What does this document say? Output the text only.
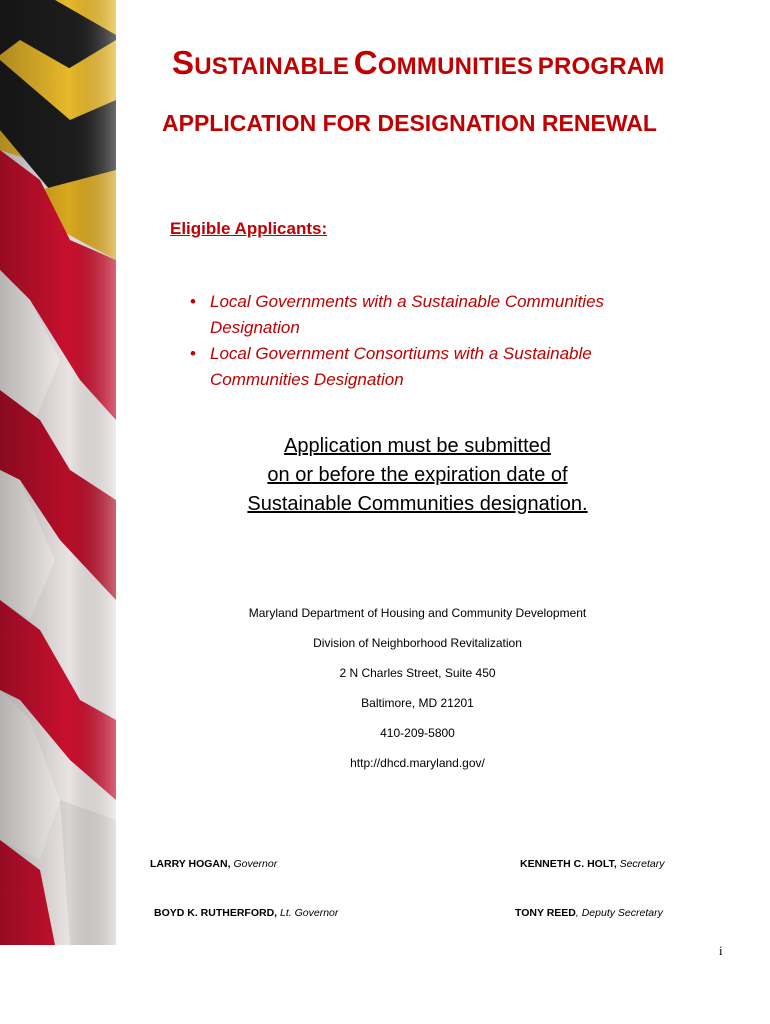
SUSTAINABLE COMMUNITIES PROGRAM
APPLICATION FOR DESIGNATION RENEWAL
Eligible Applicants:
• Local Governments with a Sustainable Communities
Designation
• Local Government Consortiums with a Sustainable
Communities Designation
Application must be submitted
on or before the expiration date of
Sustainable Communities designation.
Maryland Department of Housing and Community Development
Division of Neighborhood Revitalization
2 N Charles Street, Suite 450
Baltimore, MD 21201
410-209-5800
http://dhcd.maryland.gov/
LARRY HOGAN, Governor	KENNETH C. HOLT, Secretary
BOYD K. RUTHERFORD, Lt. Governor	TONY REED, Deputy Secretary
i
